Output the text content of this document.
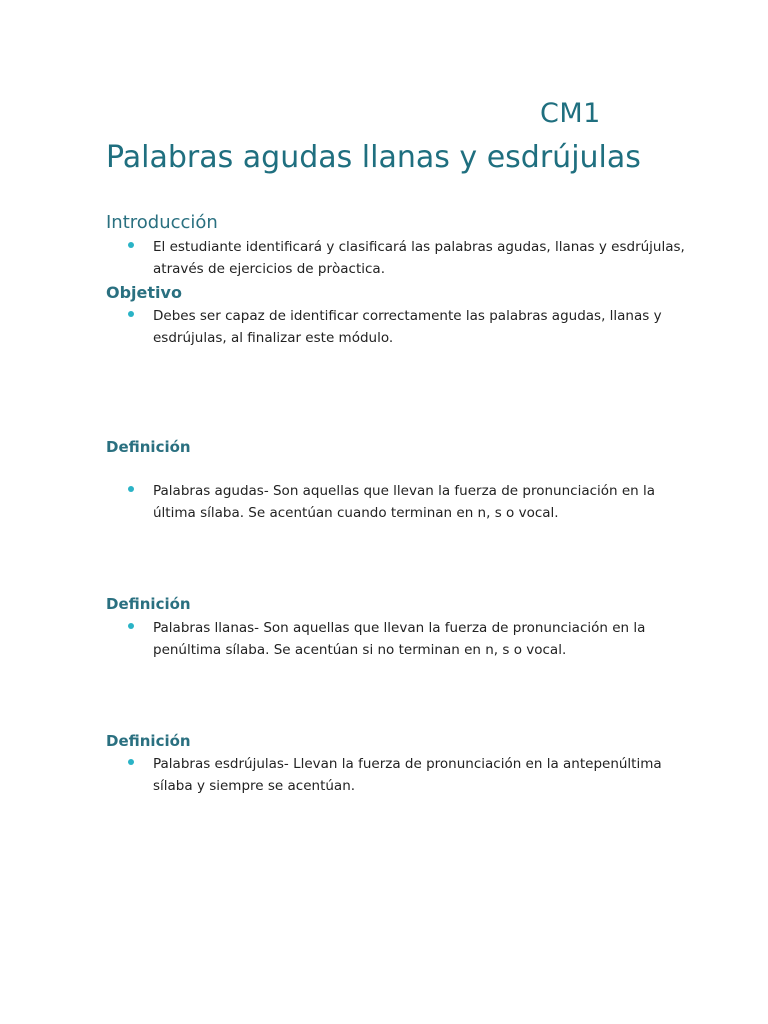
CM1
Palabras agudas llanas y esdrújulas
Introducción
El estudiante identificará y clasificará las palabras agudas, llanas y esdrújulas, através de ejercicios de prὸactica.
Objetivo
Debes ser capaz de identificar correctamente las palabras agudas, llanas y esdrújulas, al finalizar este módulo.
Definición
Palabras agudas- Son aquellas que llevan la fuerza de pronunciación en la última sílaba. Se acentúan cuando terminan en n, s o vocal.
Definición
Palabras llanas- Son aquellas que llevan la fuerza de pronunciación en la penúltima sílaba. Se acentúan si no terminan en n, s o vocal.
Definición
Palabras esdrújulas- Llevan la fuerza de pronunciación en la antepenúltima sílaba y siempre se acentúan.
